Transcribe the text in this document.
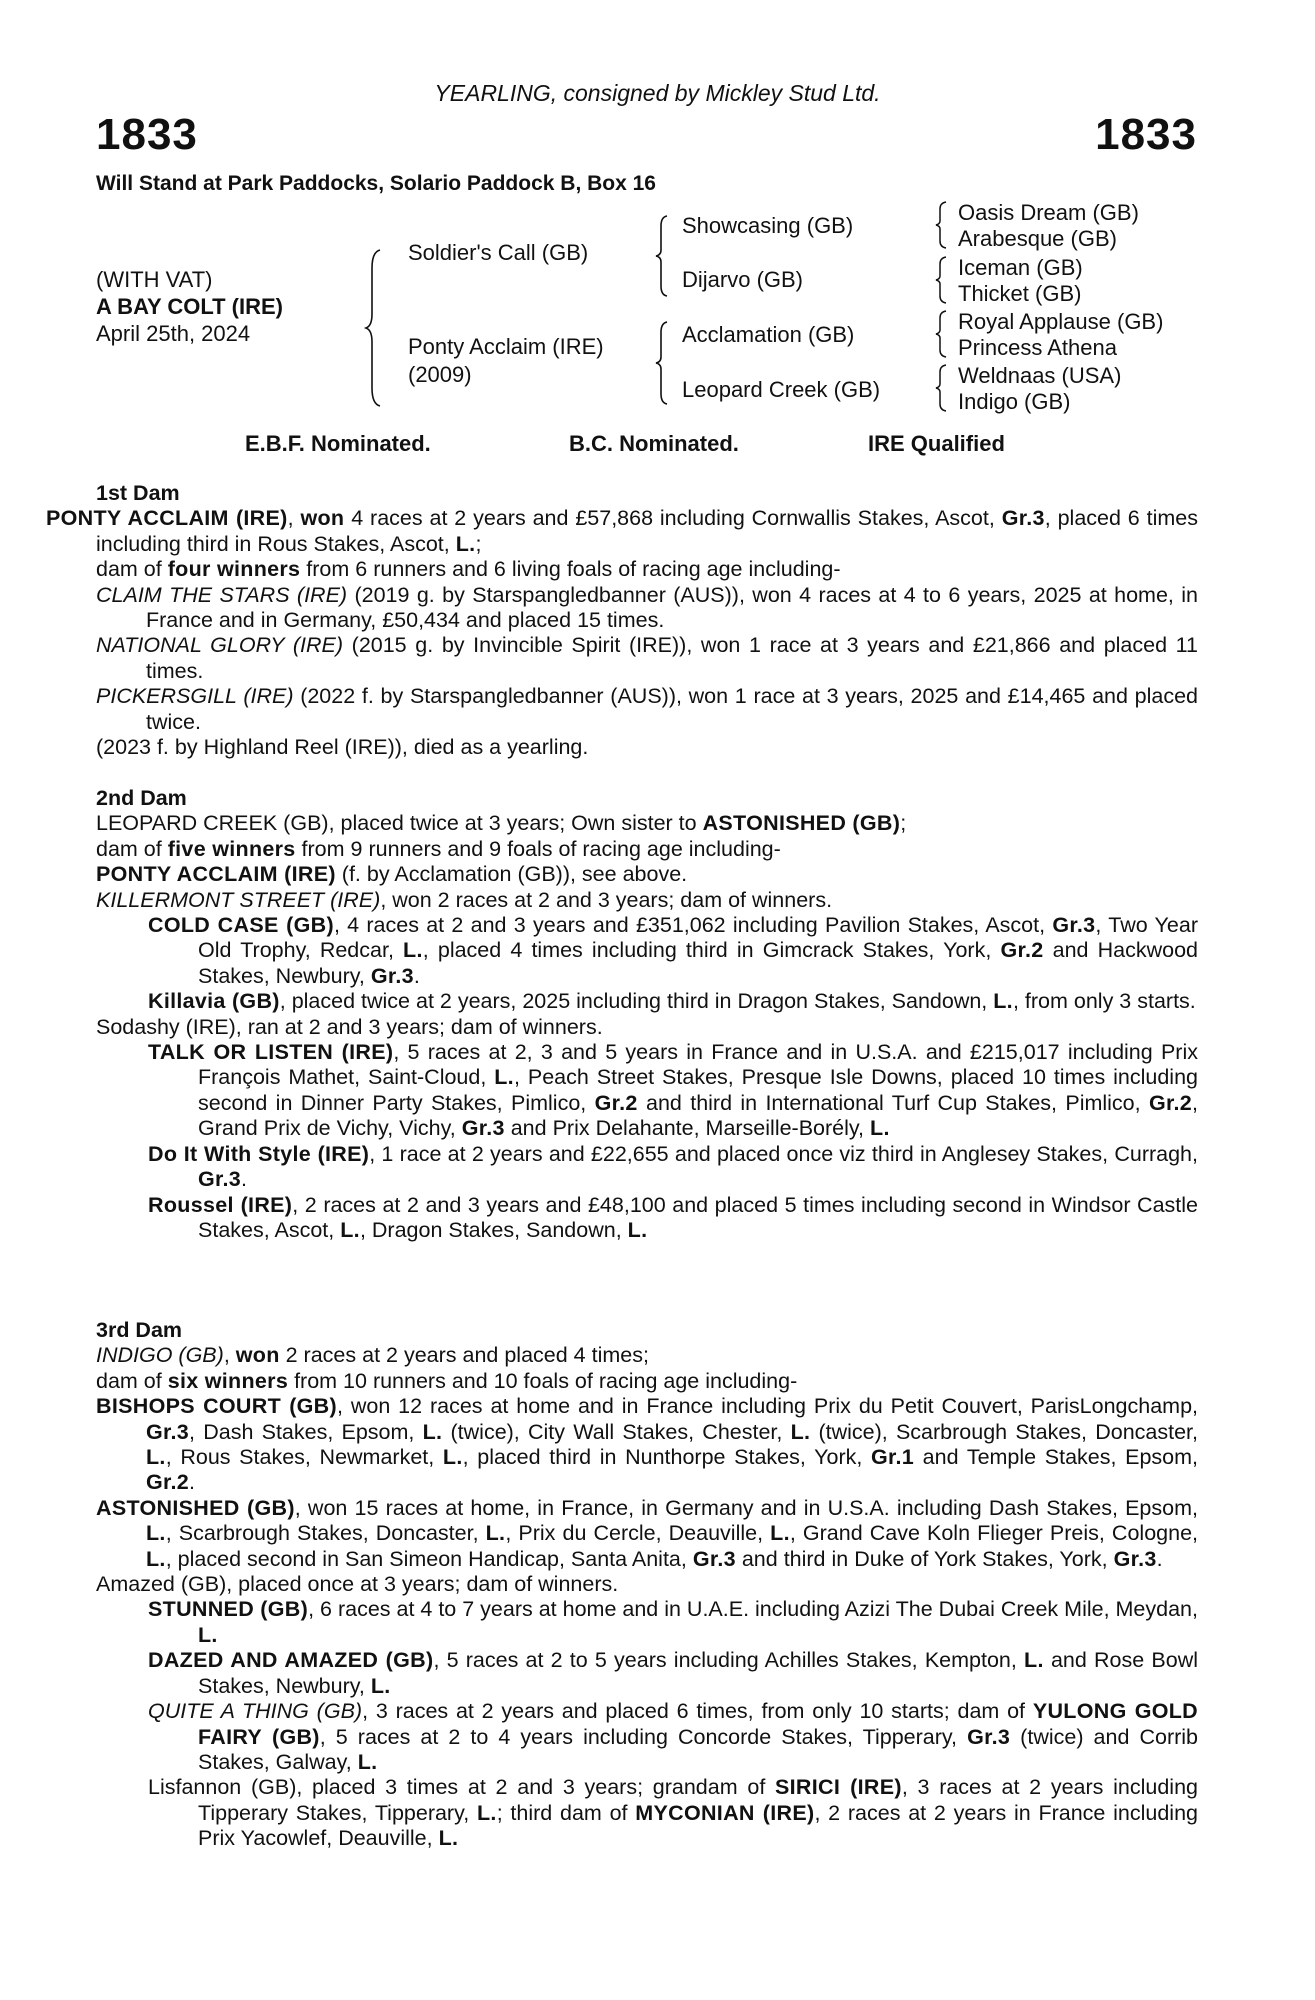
YEARLING, consigned by Mickley Stud Ltd.
1833	1833
Will Stand at Park Paddocks, Solario Paddock B, Box 16
(WITH VAT)
A BAY COLT (IRE)
April 25th, 2024
Soldier's Call (GB)
Ponty Acclaim (IRE)
(2009)
Showcasing (GB)
Dijarvo (GB)
Acclamation (GB)
Leopard Creek (GB)
Oasis Dream (GB)
Arabesque (GB)
Iceman (GB)
Thicket (GB)
Royal Applause (GB)
Princess Athena
Weldnaas (USA)
Indigo (GB)
E.B.F. Nominated.	B.C. Nominated.	IRE Qualified
1st Dam
PONTY ACCLAIM (IRE), won 4 races at 2 years and £57,868 including Cornwallis Stakes, Ascot, Gr.3, placed 6 times including third in Rous Stakes, Ascot, L.;
dam of four winners from 6 runners and 6 living foals of racing age including-
CLAIM THE STARS (IRE) (2019 g. by Starspangledbanner (AUS)), won 4 races at 4 to 6 years, 2025 at home, in France and in Germany, £50,434 and placed 15 times.
NATIONAL GLORY (IRE) (2015 g. by Invincible Spirit (IRE)), won 1 race at 3 years and £21,866 and placed 11 times.
PICKERSGILL (IRE) (2022 f. by Starspangledbanner (AUS)), won 1 race at 3 years, 2025 and £14,465 and placed twice.
(2023 f. by Highland Reel (IRE)), died as a yearling.
2nd Dam
LEOPARD CREEK (GB), placed twice at 3 years; Own sister to ASTONISHED (GB);
dam of five winners from 9 runners and 9 foals of racing age including-
PONTY ACCLAIM (IRE) (f. by Acclamation (GB)), see above.
KILLERMONT STREET (IRE), won 2 races at 2 and 3 years; dam of winners.
COLD CASE (GB), 4 races at 2 and 3 years and £351,062 including Pavilion Stakes, Ascot, Gr.3, Two Year Old Trophy, Redcar, L., placed 4 times including third in Gimcrack Stakes, York, Gr.2 and Hackwood Stakes, Newbury, Gr.3.
Killavia (GB), placed twice at 2 years, 2025 including third in Dragon Stakes, Sandown, L., from only 3 starts.
Sodashy (IRE), ran at 2 and 3 years; dam of winners.
TALK OR LISTEN (IRE), 5 races at 2, 3 and 5 years in France and in U.S.A. and £215,017 including Prix François Mathet, Saint-Cloud, L., Peach Street Stakes, Presque Isle Downs, placed 10 times including second in Dinner Party Stakes, Pimlico, Gr.2 and third in International Turf Cup Stakes, Pimlico, Gr.2, Grand Prix de Vichy, Vichy, Gr.3 and Prix Delahante, Marseille-Borély, L.
Do It With Style (IRE), 1 race at 2 years and £22,655 and placed once viz third in Anglesey Stakes, Curragh, Gr.3.
Roussel (IRE), 2 races at 2 and 3 years and £48,100 and placed 5 times including second in Windsor Castle Stakes, Ascot, L., Dragon Stakes, Sandown, L.
3rd Dam
INDIGO (GB), won 2 races at 2 years and placed 4 times;
dam of six winners from 10 runners and 10 foals of racing age including-
BISHOPS COURT (GB), won 12 races at home and in France including Prix du Petit Couvert, ParisLongchamp, Gr.3, Dash Stakes, Epsom, L. (twice), City Wall Stakes, Chester, L. (twice), Scarbrough Stakes, Doncaster, L., Rous Stakes, Newmarket, L., placed third in Nunthorpe Stakes, York, Gr.1 and Temple Stakes, Epsom, Gr.2.
ASTONISHED (GB), won 15 races at home, in France, in Germany and in U.S.A. including Dash Stakes, Epsom, L., Scarbrough Stakes, Doncaster, L., Prix du Cercle, Deauville, L., Grand Cave Koln Flieger Preis, Cologne, L., placed second in San Simeon Handicap, Santa Anita, Gr.3 and third in Duke of York Stakes, York, Gr.3.
Amazed (GB), placed once at 3 years; dam of winners.
STUNNED (GB), 6 races at 4 to 7 years at home and in U.A.E. including Azizi The Dubai Creek Mile, Meydan, L.
DAZED AND AMAZED (GB), 5 races at 2 to 5 years including Achilles Stakes, Kempton, L. and Rose Bowl Stakes, Newbury, L.
QUITE A THING (GB), 3 races at 2 years and placed 6 times, from only 10 starts; dam of YULONG GOLD FAIRY (GB), 5 races at 2 to 4 years including Concorde Stakes, Tipperary, Gr.3 (twice) and Corrib Stakes, Galway, L.
Lisfannon (GB), placed 3 times at 2 and 3 years; grandam of SIRICI (IRE), 3 races at 2 years including Tipperary Stakes, Tipperary, L.; third dam of MYCONIAN (IRE), 2 races at 2 years in France including Prix Yacowlef, Deauville, L.
